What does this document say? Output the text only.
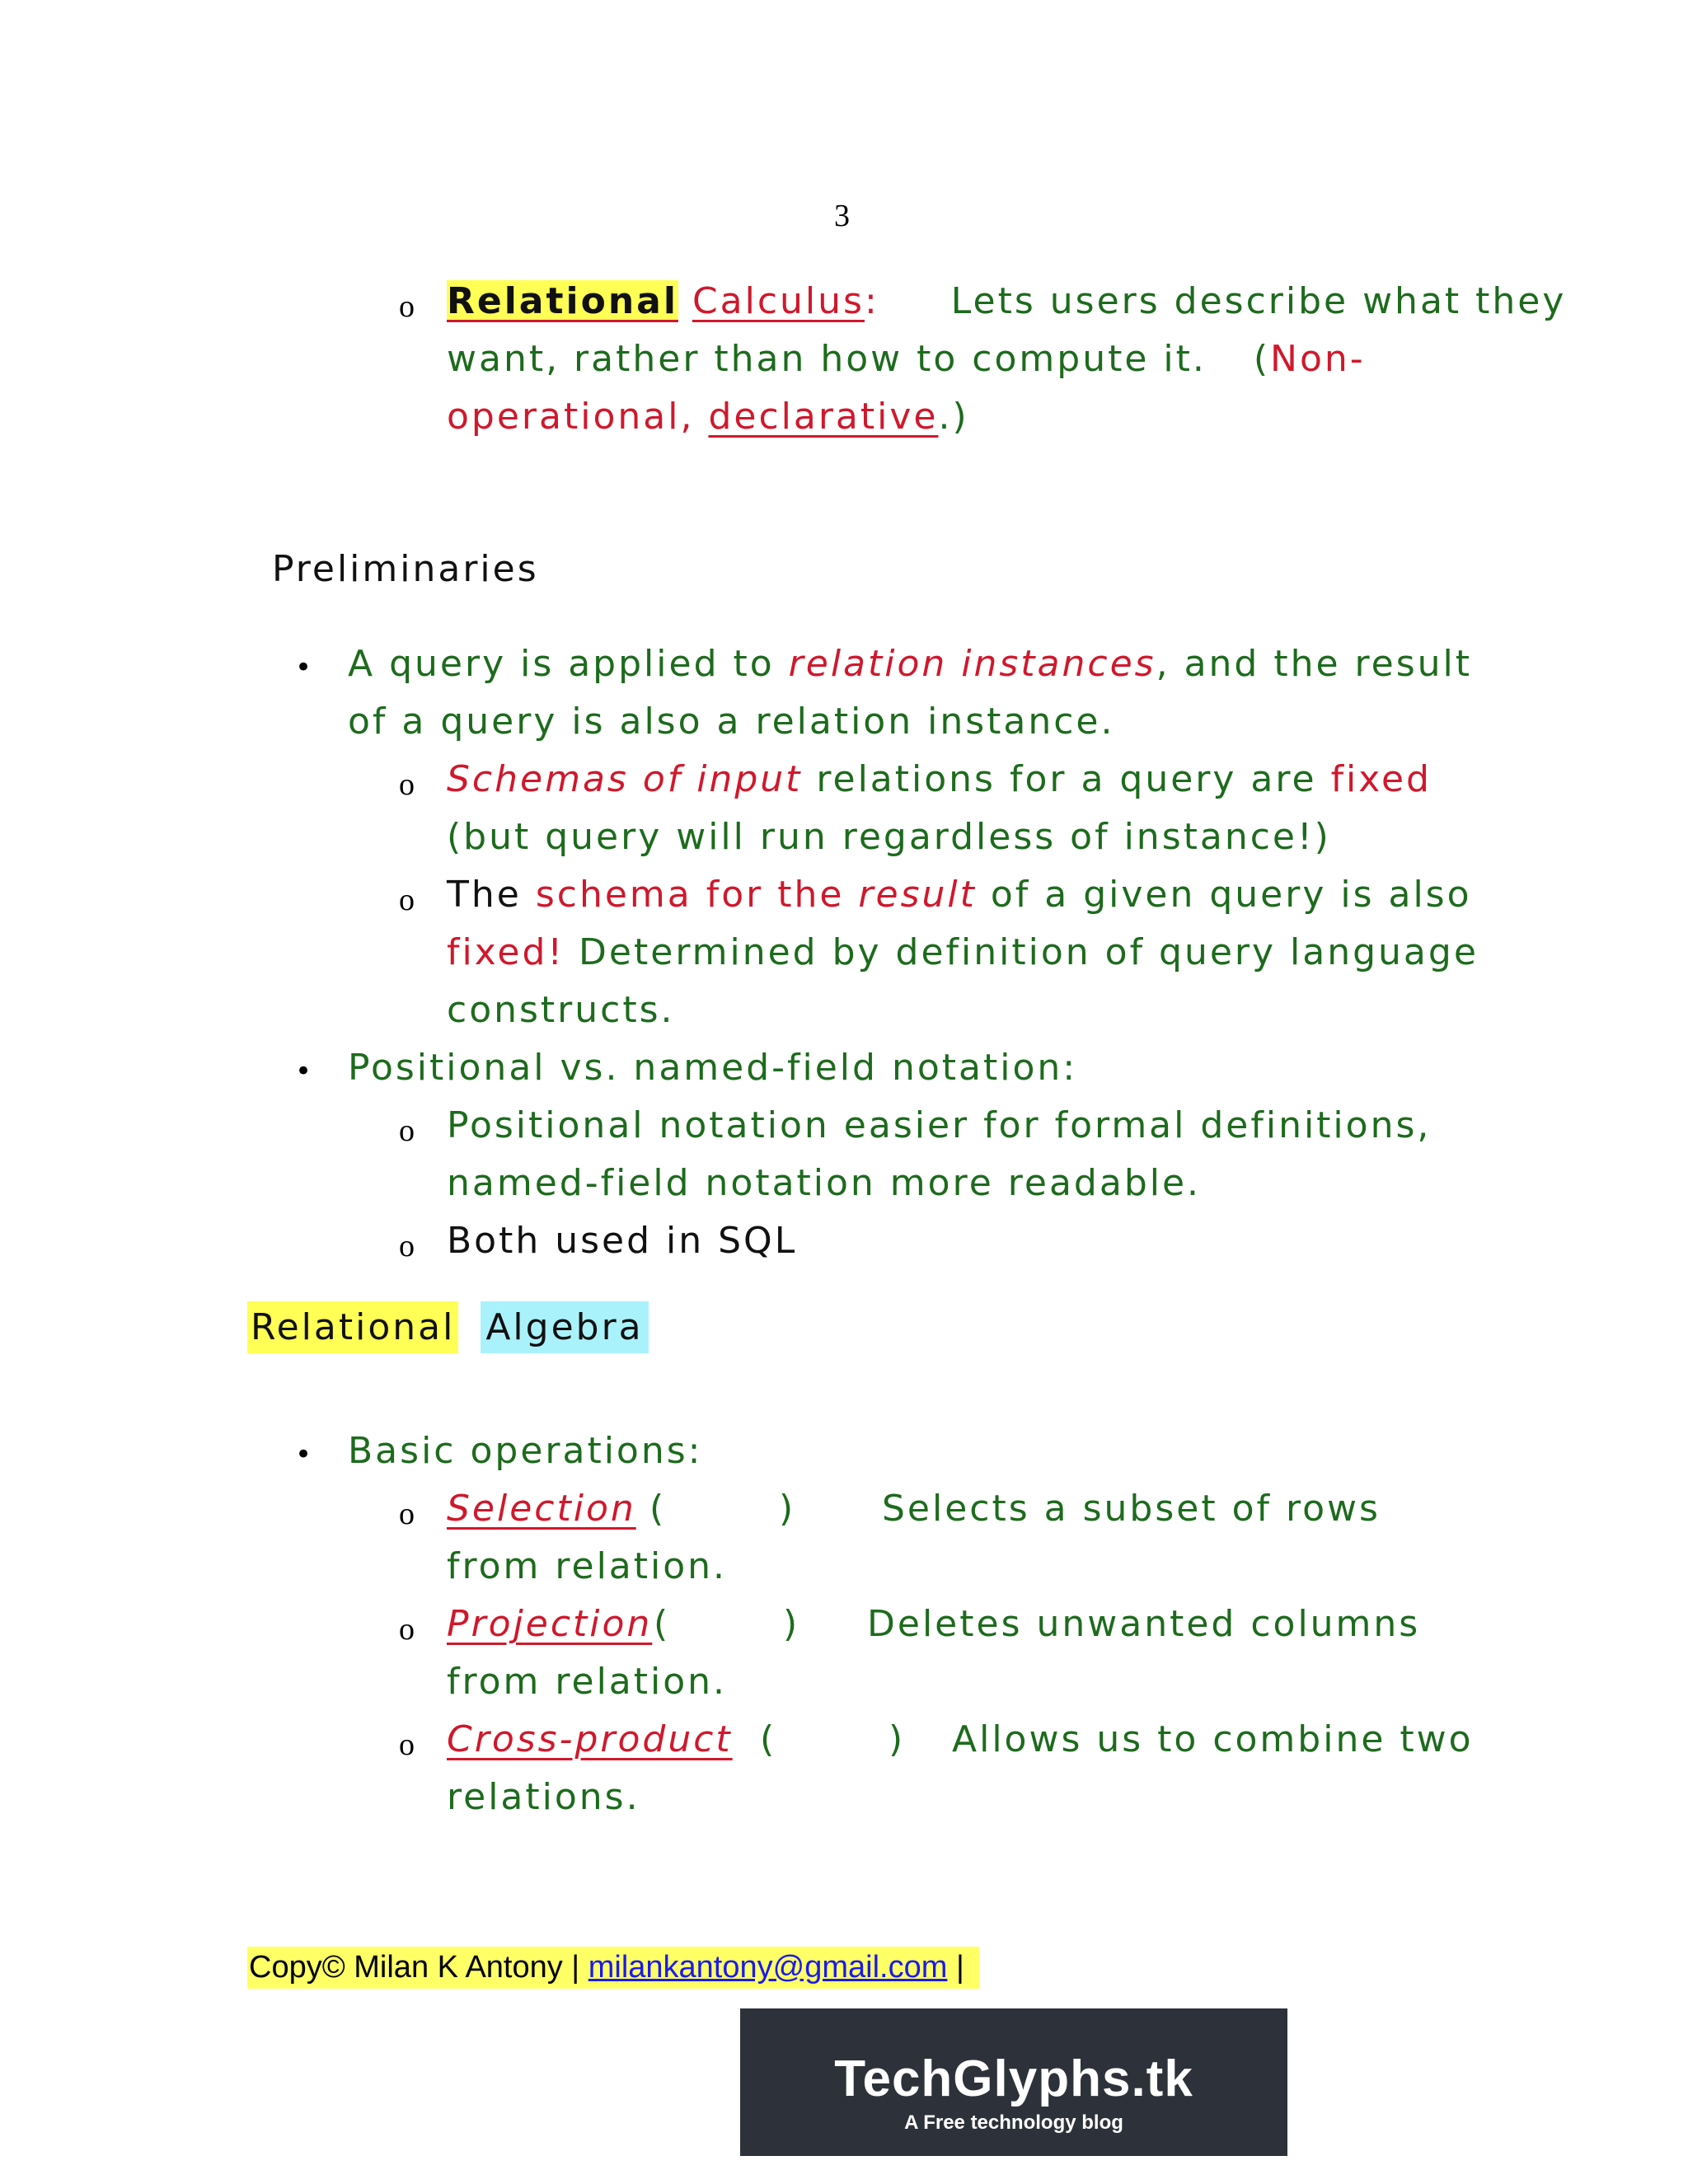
3
o Relational Calculus: Lets users describe what they
want, rather than how to compute it. (Non-
operational, declarative.)
Preliminaries
• A query is applied to relation instances, and the result
of a query is also a relation instance.
o Schemas of input relations for a query are fixed
(but query will run regardless of instance!)
o The schema for the result of a given query is also
fixed! Determined by definition of query language
constructs.
• Positional vs. named-field notation:
o Positional notation easier for formal definitions,
named-field notation more readable.
o Both used in SQL
Relational Algebra
• Basic operations:
o Selection (	) Selects a subset of rows
from relation.
o Projection (	) Deletes unwanted columns
from relation.
o Cross-product (	) Allows us to combine two
relations.
Copy© Milan K Antony | milankantony@gmail.com |
TechGlyphs.tk
A Free technology blog
